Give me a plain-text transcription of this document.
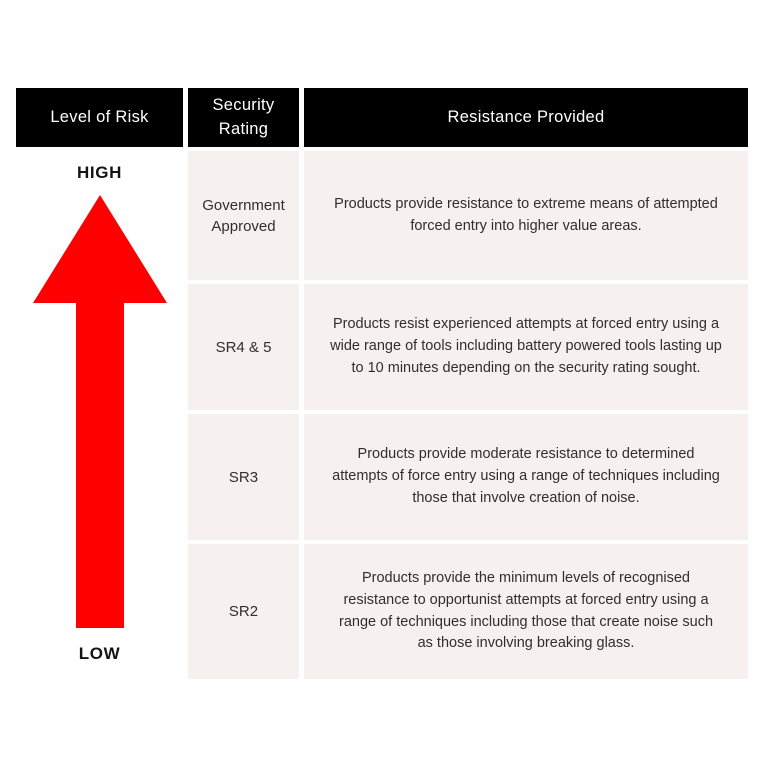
Level of Risk
Security Rating
Resistance Provided
Government Approved
Products provide resistance to extreme means of attempted forced entry into higher value areas.
SR4 & 5
Products resist experienced attempts at forced entry using a wide range of tools including battery powered tools lasting up to 10 minutes depending on the security rating sought.
SR3
Products provide moderate resistance to determined attempts of force entry using a range of techniques including those that involve creation of noise.
SR2
Products provide the minimum levels of recognised resistance to opportunist attempts at forced entry using a range of techniques including those that create noise such as those involving breaking glass.
HIGH
LOW
